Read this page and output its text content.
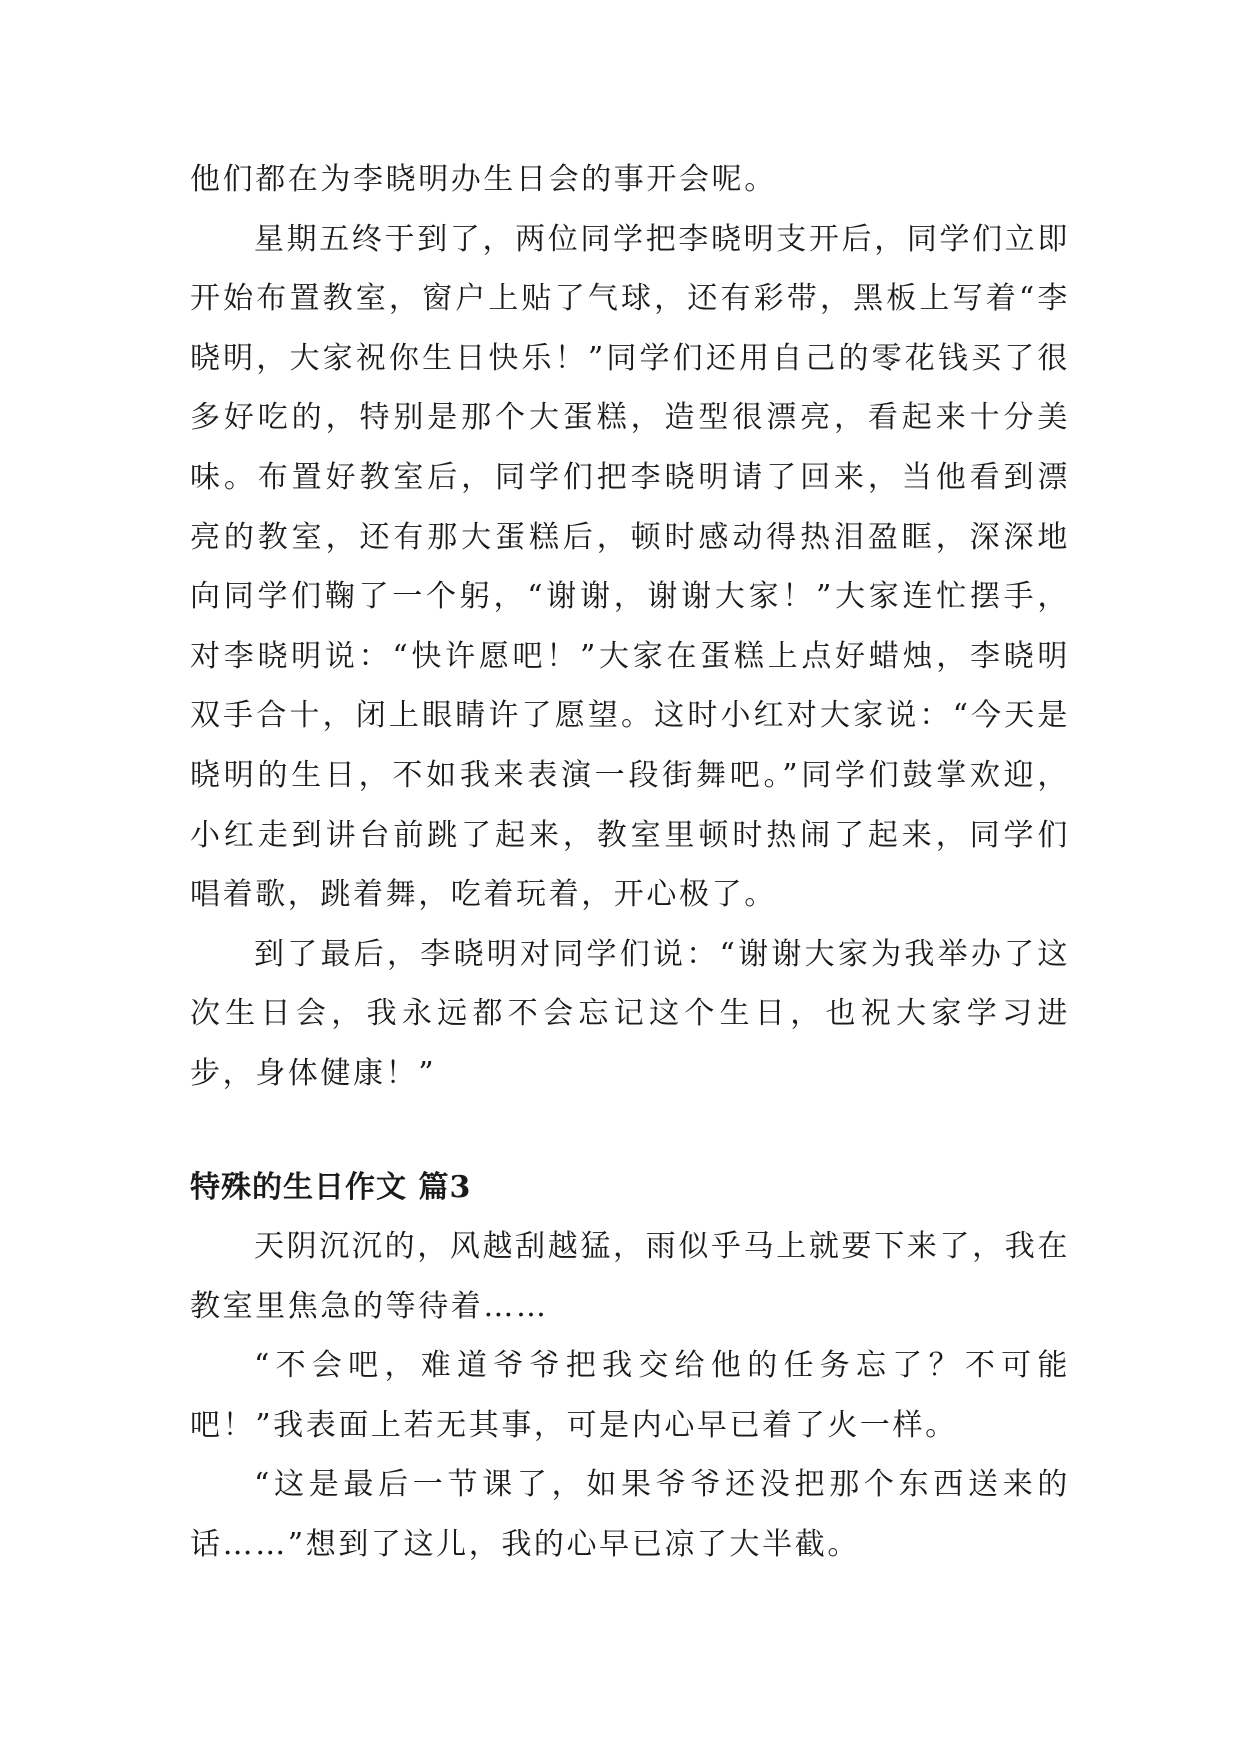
他们都在为李晓明办生日会的事开会呢。

星期五终于到了，两位同学把李晓明支开后，同学们立即开始布置教室，窗户上贴了气球，还有彩带，黑板上写着“李晓明，大家祝你生日快乐！”同学们还用自己的零花钱买了很多好吃的，特别是那个大蛋糕，造型很漂亮，看起来十分美味。布置好教室后，同学们把李晓明请了回来，当他看到漂亮的教室，还有那大蛋糕后，顿时感动得热泪盈眶，深深地向同学们鞠了一个躬，“谢谢，谢谢大家！”大家连忙摆手，对李晓明说：“快许愿吧！”大家在蛋糕上点好蜡烛，李晓明双手合十，闭上眼睛许了愿望。这时小红对大家说：“今天是晓明的生日，不如我来表演一段街舞吧。”同学们鼓掌欢迎，小红走到讲台前跳了起来，教室里顿时热闹了起来，同学们唱着歌，跳着舞，吃着玩着，开心极了。

到了最后，李晓明对同学们说：“谢谢大家为我举办了这次生日会，我永远都不会忘记这个生日，也祝大家学习进步，身体健康！”

特殊的生日作文 篇3

天阴沉沉的，风越刮越猛，雨似乎马上就要下来了，我在教室里焦急的等待着……

“不会吧，难道爷爷把我交给他的任务忘了？不可能吧！”我表面上若无其事，可是内心早已着了火一样。

“这是最后一节课了，如果爷爷还没把那个东西送来的话……”想到了这儿，我的心早已凉了大半截。
